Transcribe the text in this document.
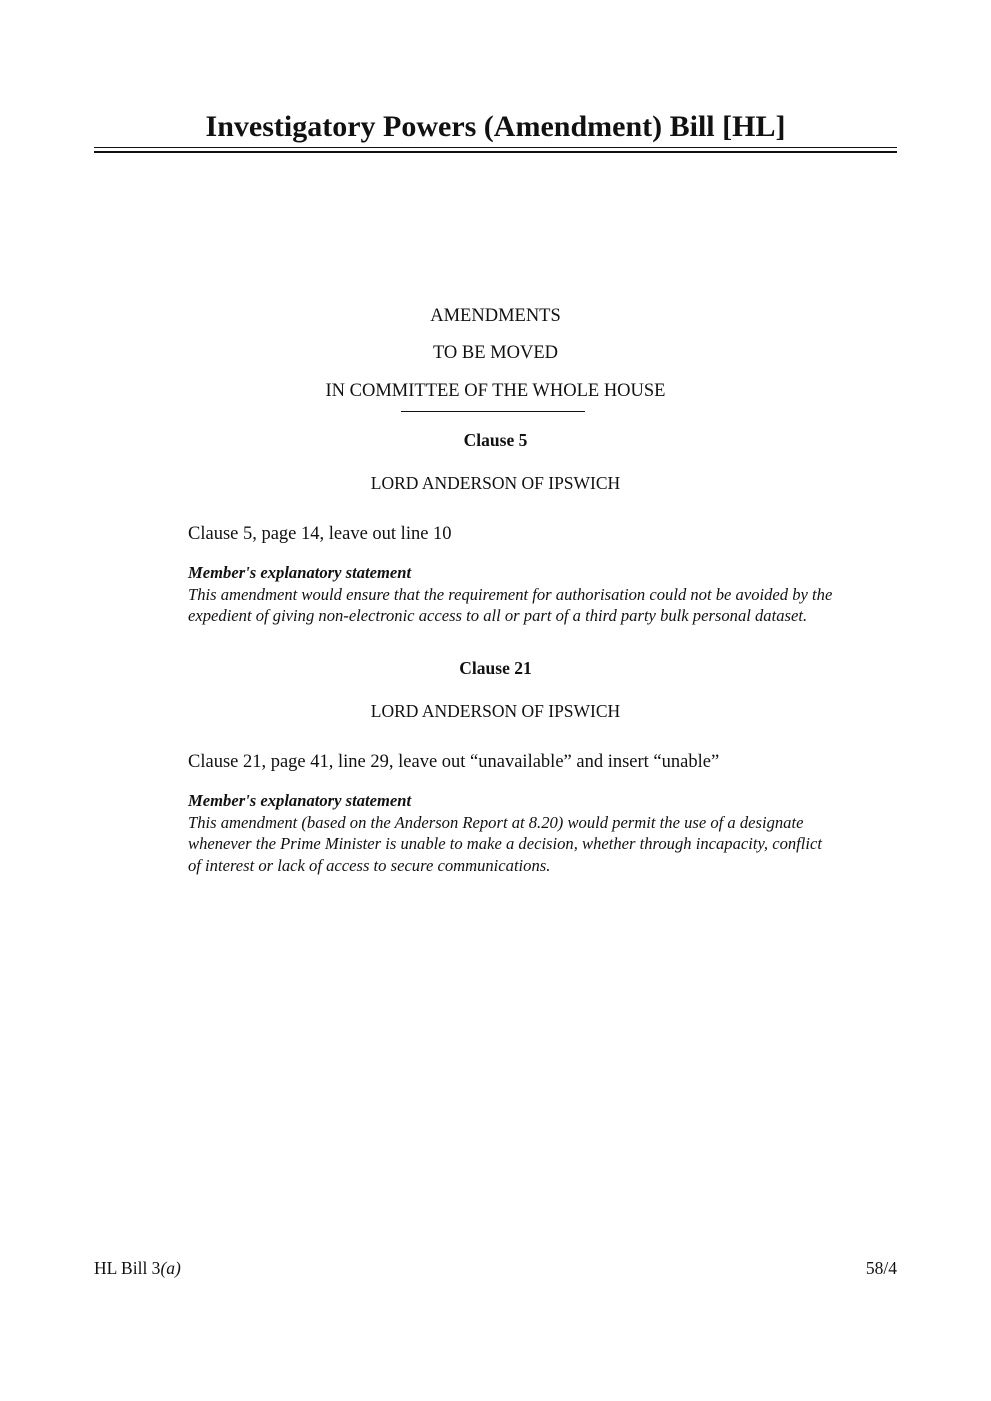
Investigatory Powers (Amendment) Bill [HL]
AMENDMENTS
TO BE MOVED
IN COMMITTEE OF THE WHOLE HOUSE
Clause 5
LORD ANDERSON OF IPSWICH
Clause 5, page 14, leave out line 10
Member's explanatory statement
This amendment would ensure that the requirement for authorisation could not be avoided by the
expedient of giving non-electronic access to all or part of a third party bulk personal dataset.
Clause 21
LORD ANDERSON OF IPSWICH
Clause 21, page 41, line 29, leave out “unavailable” and insert “unable”
Member's explanatory statement
This amendment (based on the Anderson Report at 8.20) would permit the use of a designate
whenever the Prime Minister is unable to make a decision, whether through incapacity, conflict
of interest or lack of access to secure communications.
HL Bill 3(a)	58/4
